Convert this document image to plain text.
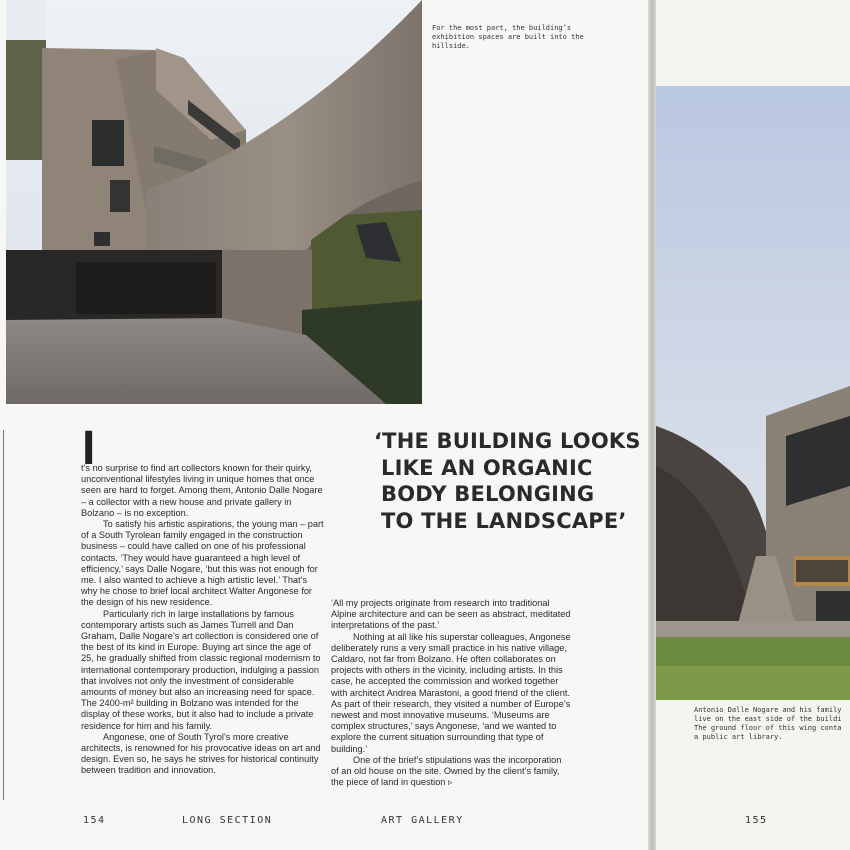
For the most part, the building’s exhibition spaces are built into the hillside.
I

t’s no surprise to find art collectors known for their quirky, unconventional lifestyles living in unique homes that once seen are hard to forget. Among them, Antonio Dalle Nogare – a collector with a new house and private gallery in Bolzano – is no exception.

To satisfy his artistic aspirations, the young man – part of a South Tyrolean family engaged in the construction business – could have called on one of his professional contacts. ‘They would have guaranteed a high level of efficiency,’ says Dalle Nogare, ‘but this was not enough for me. I also wanted to achieve a high artistic level.’ That’s why he chose to brief local architect Walter Angonese for the design of his new residence.

Particularly rich in large installations by famous contemporary artists such as James Turrell and Dan Graham, Dalle Nogare’s art collection is considered one of the best of its kind in Europe. Buying art since the age of 25, he gradually shifted from classic regional modernism to international contemporary production, indulging a passion that involves not only the investment of considerable amounts of money but also an increasing need for space. The 2400-m² building in Bolzano was intended for the display of these works, but it also had to include a private residence for him and his family.

Angonese, one of South Tyrol’s more creative architects, is renowned for his provocative ideas on art and design. Even so, he says he strives for historical continuity between tradition and innovation.

‘THE BUILDING LOOKS
LIKE AN ORGANIC
BODY BELONGING
TO THE LANDSCAPE’

‘All my projects originate from research into traditional Alpine architecture and can be seen as abstract, meditated interpretations of the past.’

Nothing at all like his superstar colleagues, Angonese deliberately runs a very small practice in his native village, Caldaro, not far from Bolzano. He often collaborates on projects with others in the vicinity, including artists. In this case, he accepted the commission and worked together with architect Andrea Marastoni, a good friend of the client. As part of their research, they visited a number of Europe’s newest and most innovative museums. ‘Museums are complex structures,’ says Angonese, ‘and we wanted to explore the current situation surrounding that type of building.’

One of the brief’s stipulations was the incorporation of an old house on the site. Owned by the client’s family, the piece of land in question ▹

154	LONG SECTION	ART GALLERY
Antonio Dalle Nogare and his family
live on the east side of the buildi
The ground floor of this wing conta
a public art library.
155
